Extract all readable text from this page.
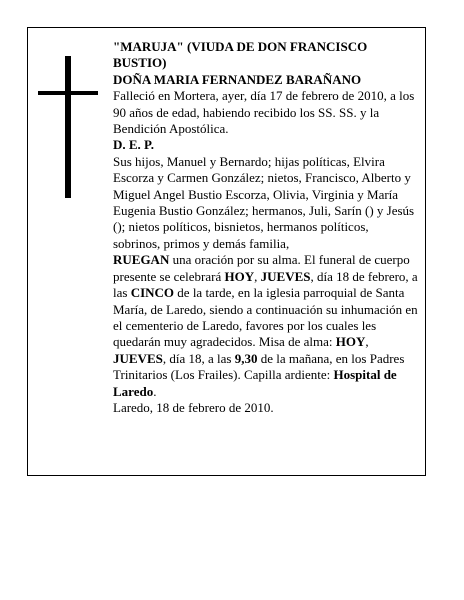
"MARUJA" (VIUDA DE DON FRANCISCO BUSTIO)

DOÑA MARIA FERNANDEZ BARAÑANO

Falleció en Mortera, ayer, día 17 de febrero de 2010, a los 90 años de edad, habiendo recibido los SS. SS. y la Bendición Apostólica.

D. E. P.

Sus hijos, Manuel y Bernardo; hijas políticas, Elvira Escorza y Carmen González; nietos, Francisco, Alberto y Miguel Angel Bustio Escorza, Olivia, Virginia y María Eugenia Bustio González; hermanos, Juli, Sarín () y Jesús (); nietos políticos, bisnietos, hermanos políticos, sobrinos, primos y demás familia,

RUEGAN una oración por su alma. El funeral de cuerpo presente se celebrará HOY, JUEVES, día 18 de febrero, a las CINCO de la tarde, en la iglesia parroquial de Santa María, de Laredo, siendo a continuación su inhumación en el cementerio de Laredo, favores por los cuales les quedarán muy agradecidos. Misa de alma: HOY, JUEVES, día 18, a las 9,30 de la mañana, en los Padres Trinitarios (Los Frailes). Capilla ardiente: Hospital de Laredo.

Laredo, 18 de febrero de 2010.
